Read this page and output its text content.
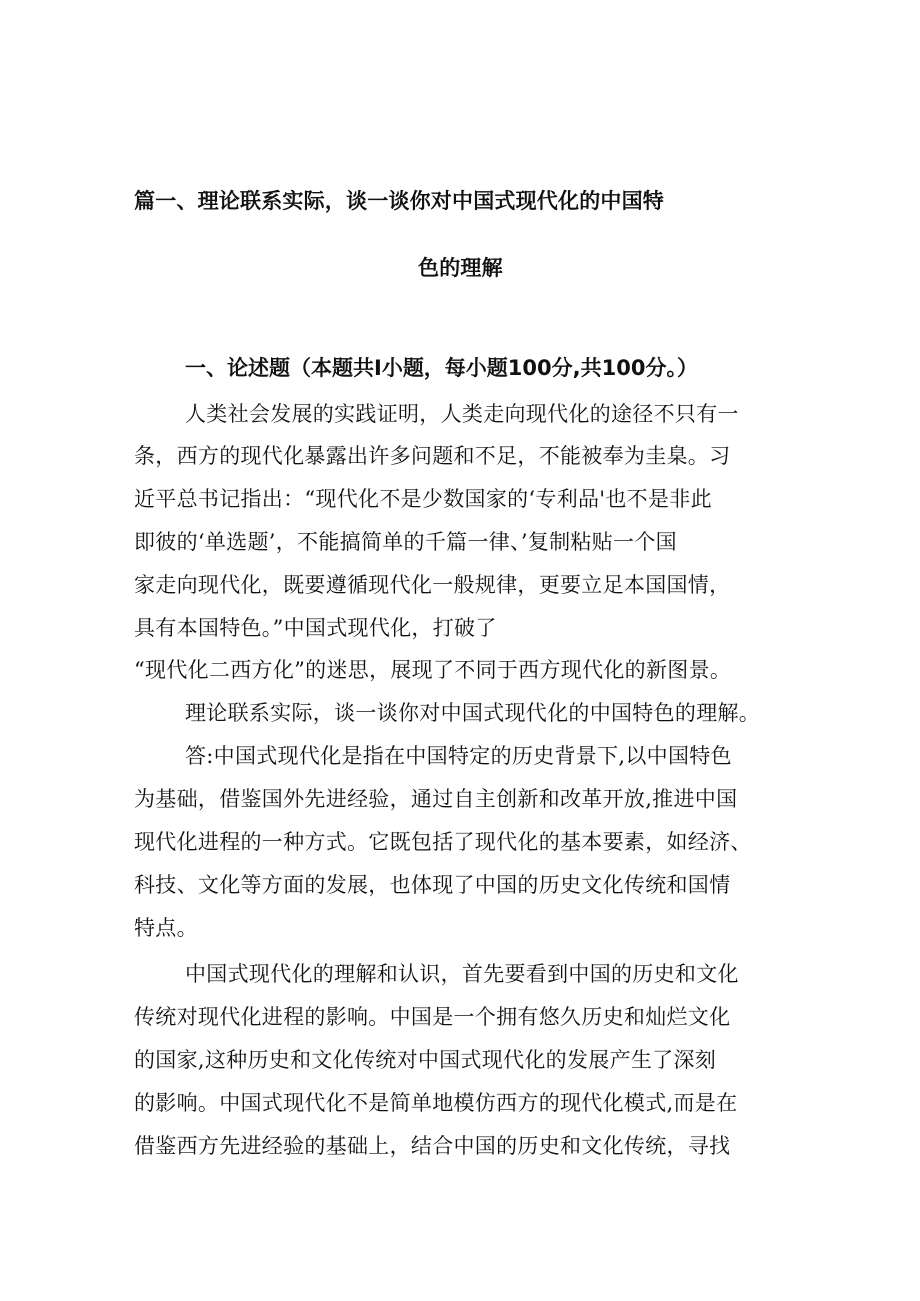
篇一、理论联系实际，谈一谈你对中国式现代化的中国特
色的理解
一、论述题（本题共I小题，每小题100分,共100分。）
人类社会发展的实践证明，人类走向现代化的途径不只有一
条，西方的现代化暴露出许多问题和不足，不能被奉为圭臬。习
近平总书记指出：“现代化不是少数国家的‘专利品'也不是非此
即彼的‘单选题’，不能搞简单的千篇一律、’复制粘贴一个国
家走向现代化，既要遵循现代化一般规律，更要立足本国国情，
具有本国特色。”中国式现代化，打破了
“现代化二西方化”的迷思，展现了不同于西方现代化的新图景。
理论联系实际，谈一谈你对中国式现代化的中国特色的理解。
答:中国式现代化是指在中国特定的历史背景下,以中国特色
为基础，借鉴国外先进经验，通过自主创新和改革开放,推进中国
现代化进程的一种方式。它既包括了现代化的基本要素，如经济、
科技、文化等方面的发展，也体现了中国的历史文化传统和国情
特点。
中国式现代化的理解和认识，首先要看到中国的历史和文化
传统对现代化进程的影响。中国是一个拥有悠久历史和灿烂文化
的国家,这种历史和文化传统对中国式现代化的发展产生了深刻
的影响。中国式现代化不是简单地模仿西方的现代化模式,而是在
借鉴西方先进经验的基础上，结合中国的历史和文化传统，寻找
